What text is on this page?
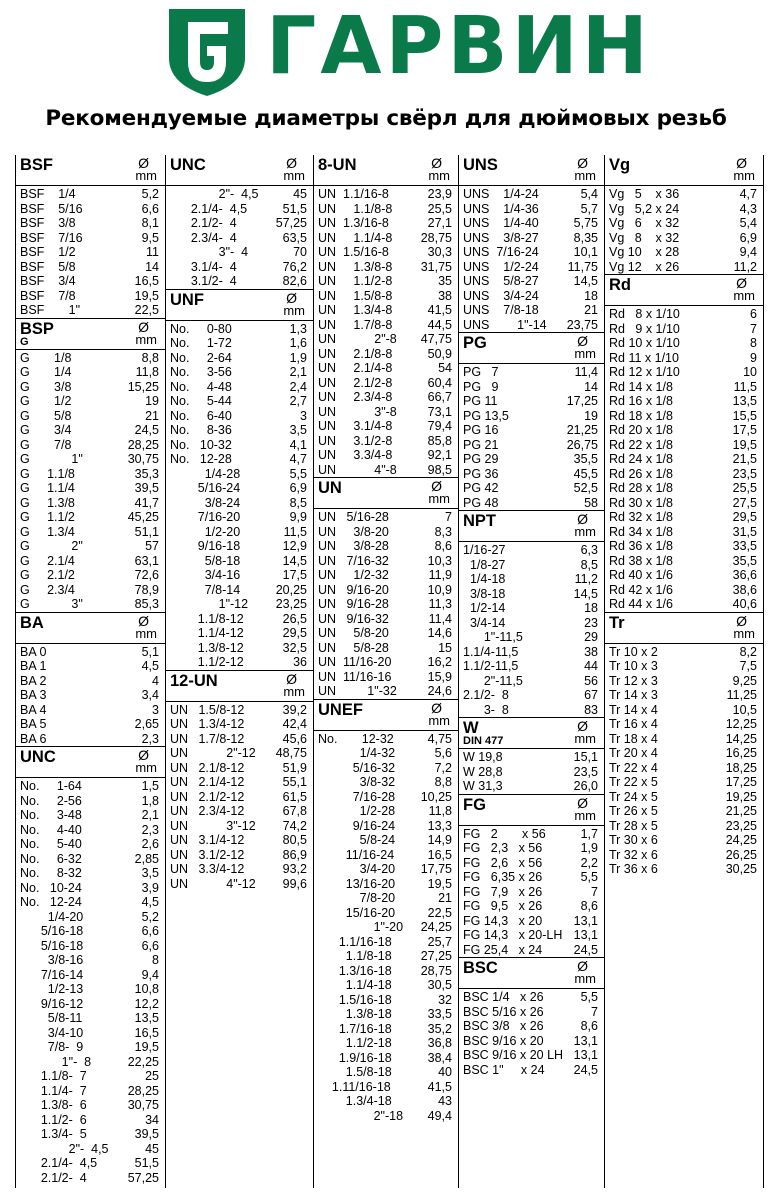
ГАРВИН
Рекомендуемые диаметры свёрл для дюймовых резьб
BSF	Ø
mm
BSF    1/4	5,2
BSF    5/16	6,6
BSF    3/8	8,1
BSF    7/16	9,5
BSF    1/2	11
BSF    5/8	14
BSF    3/4	16,5
BSF    7/8	19,5
BSF       1"	22,5
BSP
G
Ø
mm
G       1/8	8,8
G       1/4	11,8
G       3/8	15,25
G       1/2	19
G       5/8	21
G       3/4	24,5
G       7/8	28,25
G            1"	30,75
G     1.1/8	35,3
G     1.1/4	39,5
G     1.3/8	41,7
G     1.1/2	45,25
G     1.3/4	51,1
G            2"	57
G     2.1/4	63,1
G     2.1/2	72,6
G     2.3/4	78,9
G            3"	85,3
BA	Ø
mm
BA 0	5,1
BA 1	4,5
BA 2	4
BA 3	3,4
BA 4	3
BA 5	2,65
BA 6	2,3
UNC	Ø
mm
No.     1-64	1,5
No.     2-56	1,8
No.     3-48	2,1
No.     4-40	2,3
No.     5-40	2,6
No.     6-32	2,85
No.     8-32	3,5
No.   10-24	3,9
No.   12-24	4,5
1/4-20	5,2
5/16-18	6,6
5/16-18	6,6
3/8-16	8
7/16-14	9,4
1/2-13	10,8
9/16-12	12,2
5/8-11	13,5
3/4-10	16,5
7/8-  9	19,5
1"-  8	22,25
1.1/8-  7	25
1.1/4-  7	28,25
1.3/8-  6	30,75
1.1/2-  6	34
1.3/4-  5	39,5
2"-  4,5	45
2.1/4-  4,5	51,5
2.1/2-  4	57,25
UNC	Ø
mm
2"-  4,5	45
2.1/4-  4,5	51,5
2.1/2-  4	57,25
2.3/4-  4	63,5
3"-  4	70
3.1/4-  4	76,2
3.1/2-  4	82,6
UNF	Ø
mm
No.     0-80	1,3
No.     1-72	1,6
No.     2-64	1,9
No.     3-56	2,1
No.     4-48	2,4
No.     5-44	2,7
No.     6-40	3
No.     8-36	3,5
No.   10-32	4,1
No.   12-28	4,7
1/4-28	5,5
5/16-24	6,9
3/8-24	8,5
7/16-20	9,9
1/2-20	11,5
9/16-18	12,9
5/8-18	14,5
3/4-16	17,5
7/8-14	20,25
1"-12 23,25
1.1/8-12	26,5
1.1/4-12	29,5
1.3/8-12	32,5
1.1/2-12	36
12-UN	Ø
mm
UN   1.5/8-12	39,2
UN   1.3/4-12	42,4
UN   1.7/8-12	45,6
UN           2"-12 48,75
UN   2.1/8-12	51,9
UN   2.1/4-12	55,1
UN   2.1/2-12	61,5
UN   2.3/4-12	67,8
UN           3"-12	74,2
UN   3.1/4-12	80,5
UN   3.1/2-12	86,9
UN   3.3/4-12	93,2
UN           4"-12	99,6
8-UN	Ø
mm
UN  1.1/16-8	23,9
UN     1.1/8-8	25,5
UN  1.3/16-8	27,1
UN     1.1/4-8 28,75
UN  1.5/16-8	30,3
UN     1.3/8-8 31,75
UN     1.1/2-8	35
UN     1.5/8-8	38
UN     1.3/4-8	41,5
UN     1.7/8-8	44,5
UN           2"-8 47,75
UN     2.1/8-8	50,9
UN     2.1/4-8	54
UN     2.1/2-8	60,4
UN     2.3/4-8	66,7
UN           3"-8	73,1
UN     3.1/4-8	79,4
UN     3.1/2-8	85,8
UN     3.3/4-8	92,1
UN           4"-8	98,5
UN	Ø
mm
UN   5/16-28	7
UN     3/8-20	8,3
UN     3/8-28	8,6
UN   7/16-32	10,3
UN     1/2-32	11,9
UN   9/16-20	10,9
UN   9/16-28	11,3
UN   9/16-32	11,4
UN     5/8-20	14,6
UN     5/8-28	15
UN  11/16-20	16,2
UN  11/16-16	15,9
UN         1"-32	24,6
UNEF	Ø
mm
No.       12-32	4,75
1/4-32	5,6
5/16-32	7,2
3/8-32	8,8
7/16-28 10,25
1/2-28	11,8
9/16-24	13,3
5/8-24	14,9
11/16-24	16,5
3/4-20 17,75
13/16-20	19,5
7/8-20	21
15/16-20	22,5
1"-20 24,25
1.1/16-18	25,7
1.1/8-18 27,25
1.3/16-18 28,75
1.1/4-18	30,5
1.5/16-18	32
1.3/8-18	33,5
1.7/16-18	35,2
1.1/2-18	36,8
1.9/16-18	38,4
1.5/8-18	40
1.11/16-18	41,5
1.3/4-18	43
2"-18	49,4
UNS	Ø
mm
UNS    1/4-24	5,4
UNS    1/4-36	5,7
UNS    1/4-40	5,75
UNS    3/8-27	8,35
UNS  7/16-24	10,1
UNS    1/2-24 11,75
UNS    5/8-27	14,5
UNS    3/4-24	18
UNS    7/8-18	21
UNS        1"-14 23,75
PG	Ø
mm
PG   7	11,4
PG   9	14
PG 11	17,25
PG 13,5	19
PG 16	21,25
PG 21	26,75
PG 29	35,5
PG 36	45,5
PG 42	52,5
PG 48	58
NPT	Ø
mm
1/16-27	6,3
1/8-27	8,5
1/4-18	11,2
3/8-18	14,5
1/2-14	18
3/4-14	23
1"-11,5	29
1.1/4-11,5	38
1.1/2-11,5	44
2"-11,5	56
2.1/2-  8	67
3-  8	83
W
DIN 477
Ø
mm
W 19,8	15,1
W 28,8	23,5
W 31,3	26,0
FG	Ø
mm
FG   2       x 56	1,7
FG   2,3   x 56	1,9
FG   2,6   x 56	2,2
FG   6,35 x 26	5,5
FG   7,9   x 26	7
FG   9,5   x 26	8,6
FG 14,3   x 20	13,1
FG 14,3   x 20-LH 13,1
FG 25,4   x 24	24,5
BSC	Ø
mm
BSC 1/4   x 26	5,5
BSC 5/16 x 26	7
BSC 3/8   x 26	8,6
BSC 9/16 x 20	13,1
BSC 9/16 x 20 LH 13,1
BSC 1"     x 24	24,5
Vg	Ø
mm
Vg   5    x 36	4,7
Vg   5,2 x 24	4,3
Vg   6    x 32	5,4
Vg   8    x 32	6,9
Vg 10    x 28	9,4
Vg 12    x 26	11,2
Rd	Ø
mm
Rd   8 x 1/10	6
Rd   9 x 1/10	7
Rd 10 x 1/10	8
Rd 11 x 1/10	9
Rd 12 x 1/10	10
Rd 14 x 1/8	11,5
Rd 16 x 1/8	13,5
Rd 18 x 1/8	15,5
Rd 20 x 1/8	17,5
Rd 22 x 1/8	19,5
Rd 24 x 1/8	21,5
Rd 26 x 1/8	23,5
Rd 28 x 1/8	25,5
Rd 30 x 1/8	27,5
Rd 32 x 1/8	29,5
Rd 34 x 1/8	31,5
Rd 36 x 1/8	33,5
Rd 38 x 1/8	35,5
Rd 40 x 1/6	36,6
Rd 42 x 1/6	38,6
Rd 44 x 1/6	40,6
Tr	Ø
mm
Tr 10 x 2	8,2
Tr 10 x 3	7,5
Tr 12 x 3	9,25
Tr 14 x 3	11,25
Tr 14 x 4	10,5
Tr 16 x 4	12,25
Tr 18 x 4	14,25
Tr 20 x 4	16,25
Tr 22 x 4	18,25
Tr 22 x 5	17,25
Tr 24 x 5	19,25
Tr 26 x 5	21,25
Tr 28 x 5	23,25
Tr 30 x 6	24,25
Tr 32 x 6	26,25
Tr 36 x 6	30,25
